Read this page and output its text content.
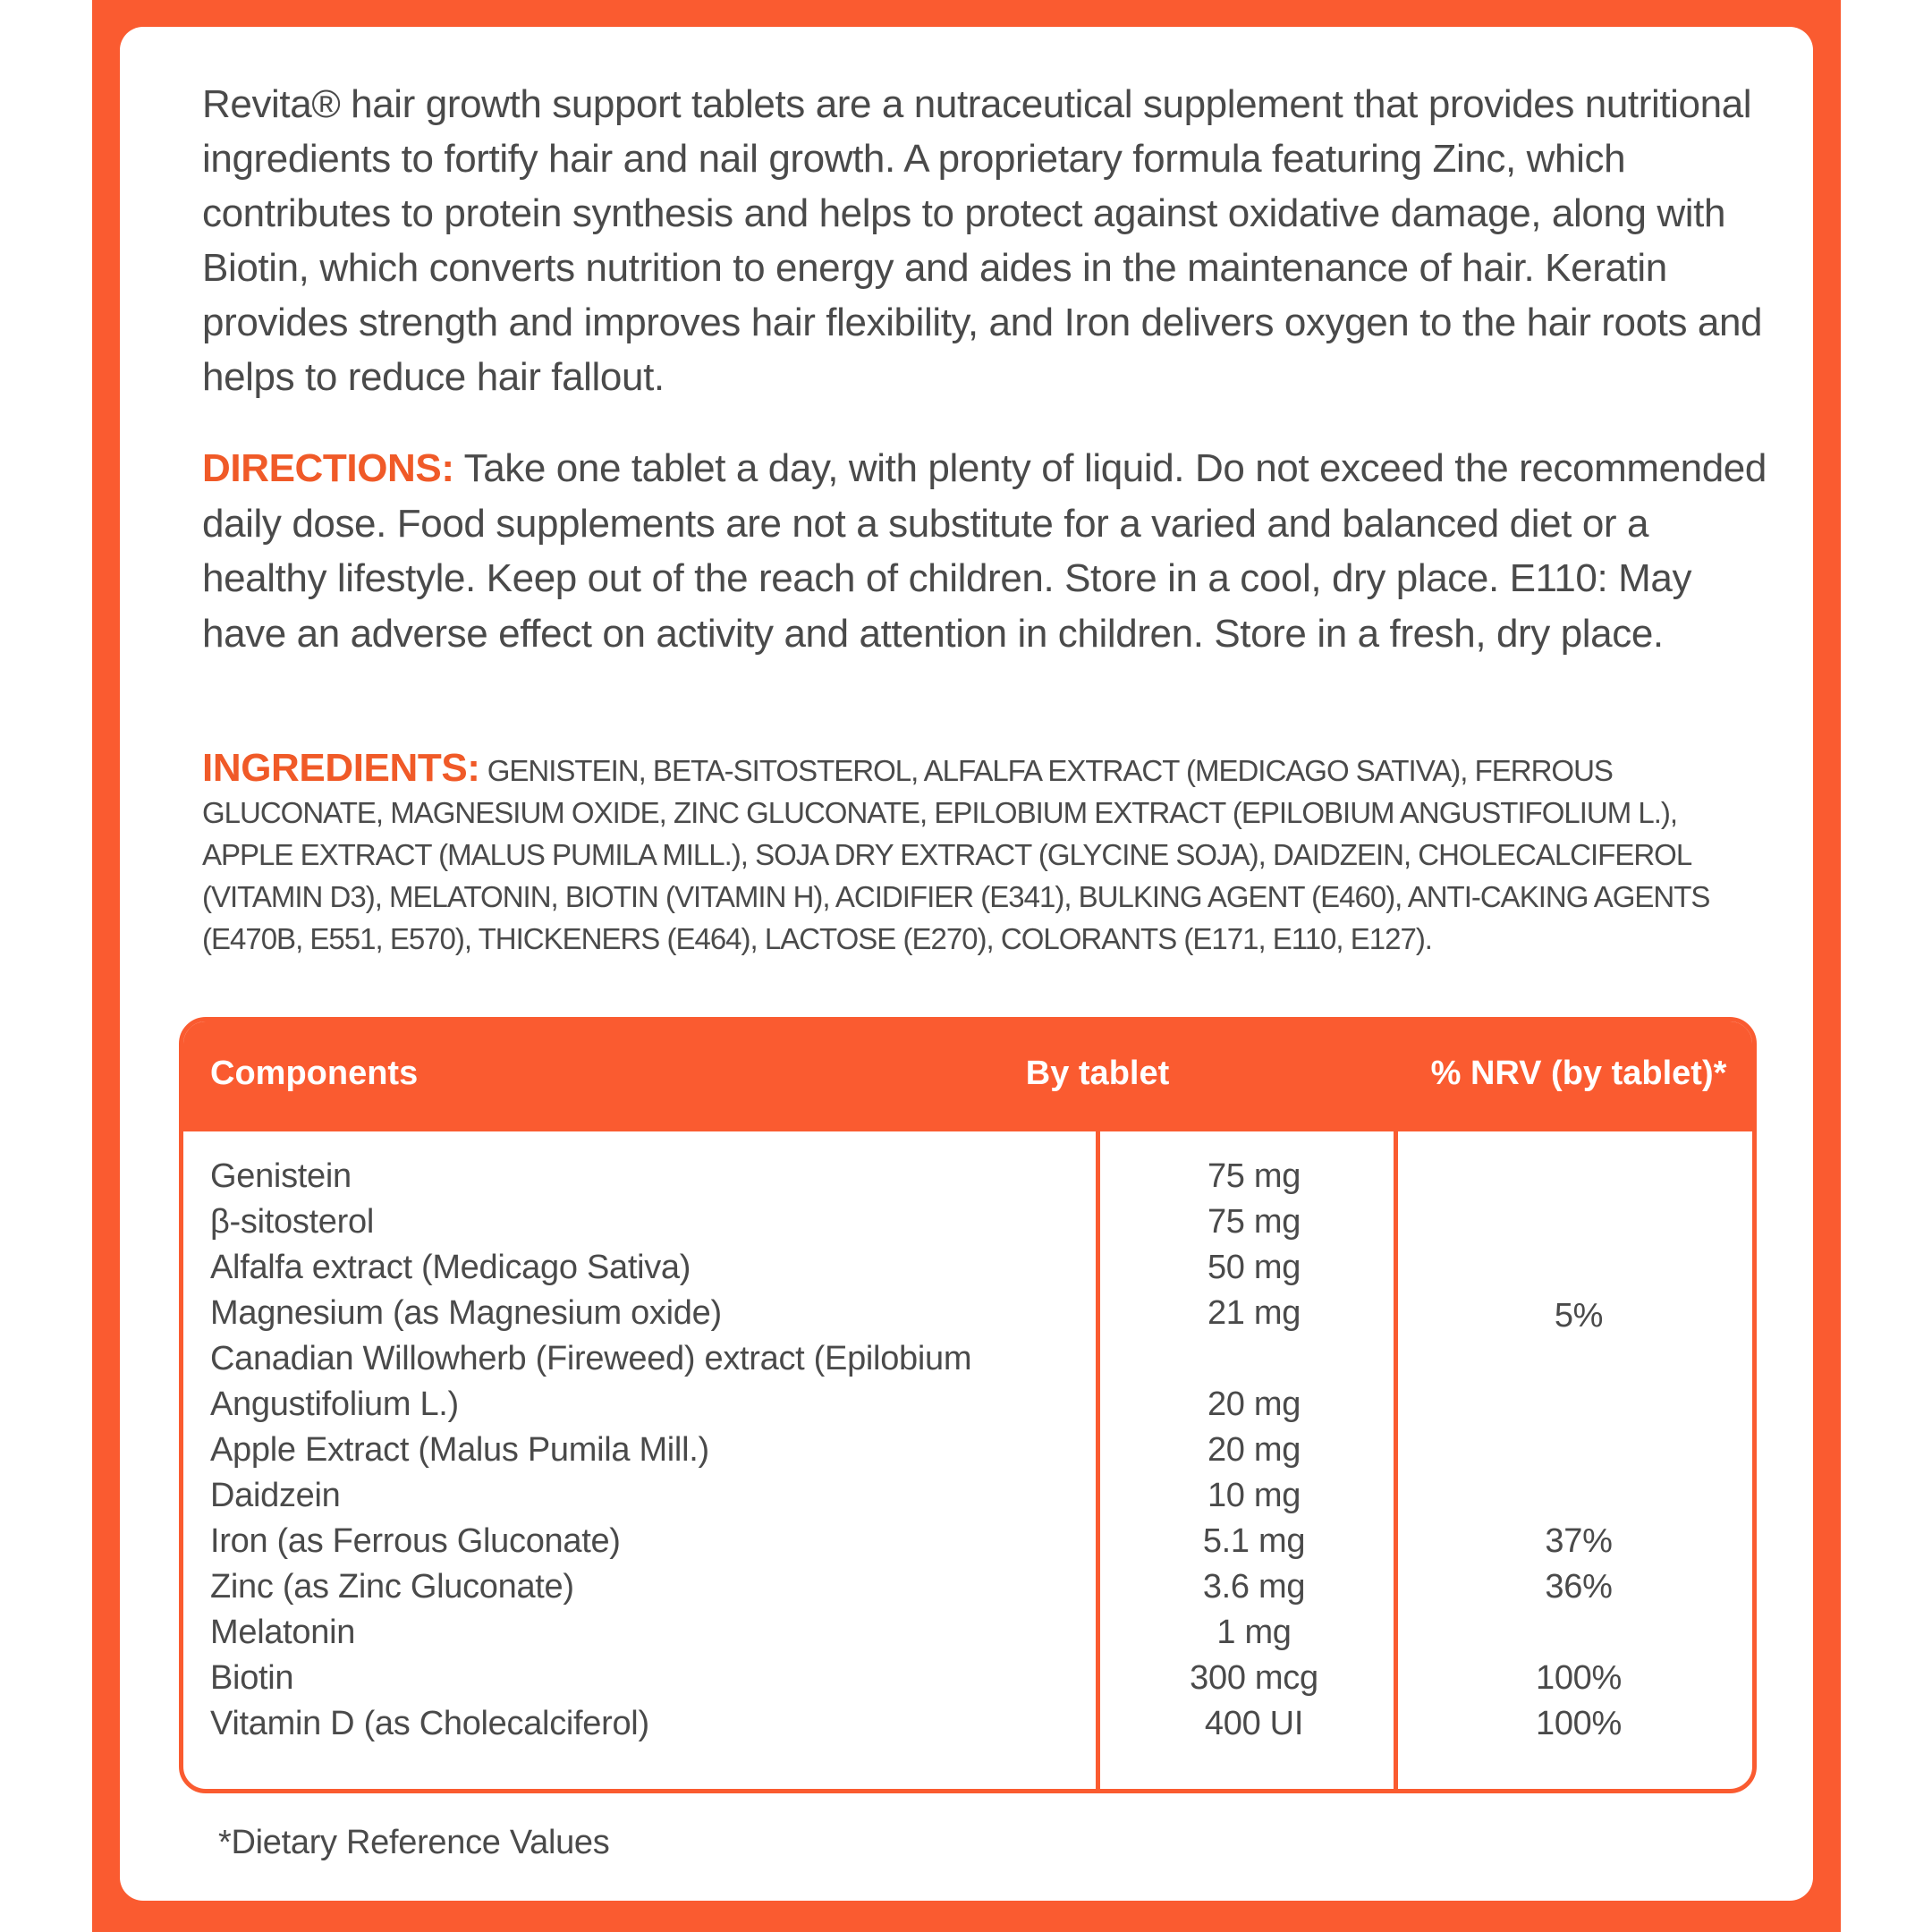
Revita® hair growth support tablets are a nutraceutical supplement that provides nutritional ingredients to fortify hair and nail growth. A proprietary formula featuring Zinc, which contributes to protein synthesis and helps to protect against oxidative damage, along with Biotin, which converts nutrition to energy and aides in the maintenance of hair. Keratin provides strength and improves hair flexibility, and Iron delivers oxygen to the hair roots and helps to reduce hair fallout.

DIRECTIONS: Take one tablet a day, with plenty of liquid. Do not exceed the recommended daily dose. Food supplements are not a substitute for a varied and balanced diet or a healthy lifestyle. Keep out of the reach of children. Store in a cool, dry place. E110: May have an adverse effect on activity and attention in children. Store in a fresh, dry place.

INGREDIENTS: GENISTEIN, BETA-SITOSTEROL, ALFALFA EXTRACT (MEDICAGO SATIVA), FERROUS GLUCONATE, MAGNESIUM OXIDE, ZINC GLUCONATE, EPILOBIUM EXTRACT (EPILOBIUM ANGUSTIFOLIUM L.), APPLE EXTRACT (MALUS PUMILA MILL.), SOJA DRY EXTRACT (GLYCINE SOJA), DAIDZEIN, CHOLECALCIFEROL (VITAMIN D3), MELATONIN, BIOTIN (VITAMIN H), ACIDIFIER (E341), BULKING AGENT (E460), ANTI-CAKING AGENTS (E470B, E551, E570), THICKENERS (E464), LACTOSE (E270), COLORANTS (E171, E110, E127).

Components	By tablet	% NRV (by tablet)*
Genistein	75 mg
β-sitosterol	75 mg
Alfalfa extract (Medicago Sativa)	50 mg
Magnesium (as Magnesium oxide)	21 mg	5%
Canadian Willowherb (Fireweed) extract (Epilobium Angustifolium L.)	20 mg
Apple Extract (Malus Pumila Mill.)	20 mg
Daidzein	10 mg
Iron (as Ferrous Gluconate)	5.1 mg	37%
Zinc (as Zinc Gluconate)	3.6 mg	36%
Melatonin	1 mg
Biotin	300 mcg	100%
Vitamin D (as Cholecalciferol)	400 UI	100%

*Dietary Reference Values
